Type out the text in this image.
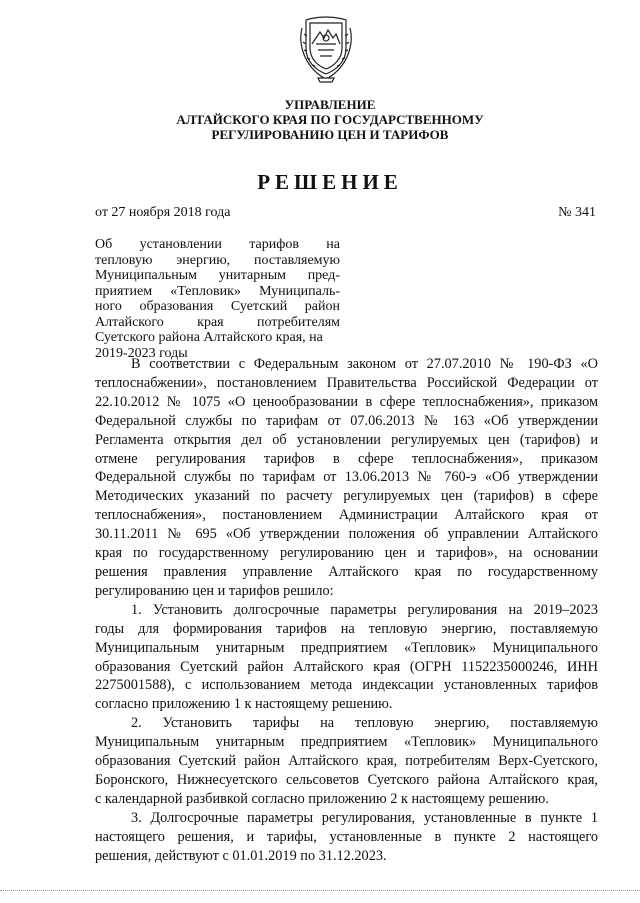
УПРАВЛЕНИЕ
АЛТАЙСКОГО КРАЯ ПО ГОСУДАРСТВЕННОМУ
РЕГУЛИРОВАНИЮ ЦЕН И ТАРИФОВ
РЕШЕНИЕ
от 27 ноября 2018 года	№ 341
Об установлении тарифов на
тепловую энергию, поставляемую
Муниципальным унитарным пред-
приятием «Тепловик» Муниципаль-
ного образования Суетский район
Алтайского края потребителям
Суетского района Алтайского края, на
2019-2023 годы
В соответствии с Федеральным законом от 27.07.2010 № 190-ФЗ «О
теплоснабжении», постановлением Правительства Российской Федерации от
22.10.2012 № 1075 «О ценообразовании в сфере теплоснабжения», приказом
Федеральной службы по тарифам от 07.06.2013 № 163 «Об утверждении
Регламента открытия дел об установлении регулируемых цен (тарифов) и
отмене регулирования тарифов в сфере теплоснабжения», приказом
Федеральной службы по тарифам от 13.06.2013 № 760-э «Об утверждении
Методических указаний по расчету регулируемых цен (тарифов) в сфере
теплоснабжения», постановлением Администрации Алтайского края от
30.11.2011 № 695 «Об утверждении положения об управлении Алтайского
края по государственному регулированию цен и тарифов», на основании
решения правления управление Алтайского края по государственному
регулированию цен и тарифов решило:
1. Установить долгосрочные параметры регулирования на 2019–2023
годы для формирования тарифов на тепловую энергию, поставляемую
Муниципальным унитарным предприятием «Тепловик» Муниципального
образования Суетский район Алтайского края (ОГРН 1152235000246, ИНН
2275001588), с использованием метода индексации установленных тарифов
согласно приложению 1 к настоящему решению.
2. Установить тарифы на тепловую энергию, поставляемую
Муниципальным унитарным предприятием «Тепловик» Муниципального
образования Суетский район Алтайского края, потребителям Верх-Суетского,
Боронского, Нижнесуетского сельсоветов Суетского района Алтайского края,
с календарной разбивкой согласно приложению 2 к настоящему решению.
3. Долгосрочные параметры регулирования, установленные в пункте 1
настоящего решения, и тарифы, установленные в пункте 2 настоящего
решения, действуют с 01.01.2019 по 31.12.2023.
